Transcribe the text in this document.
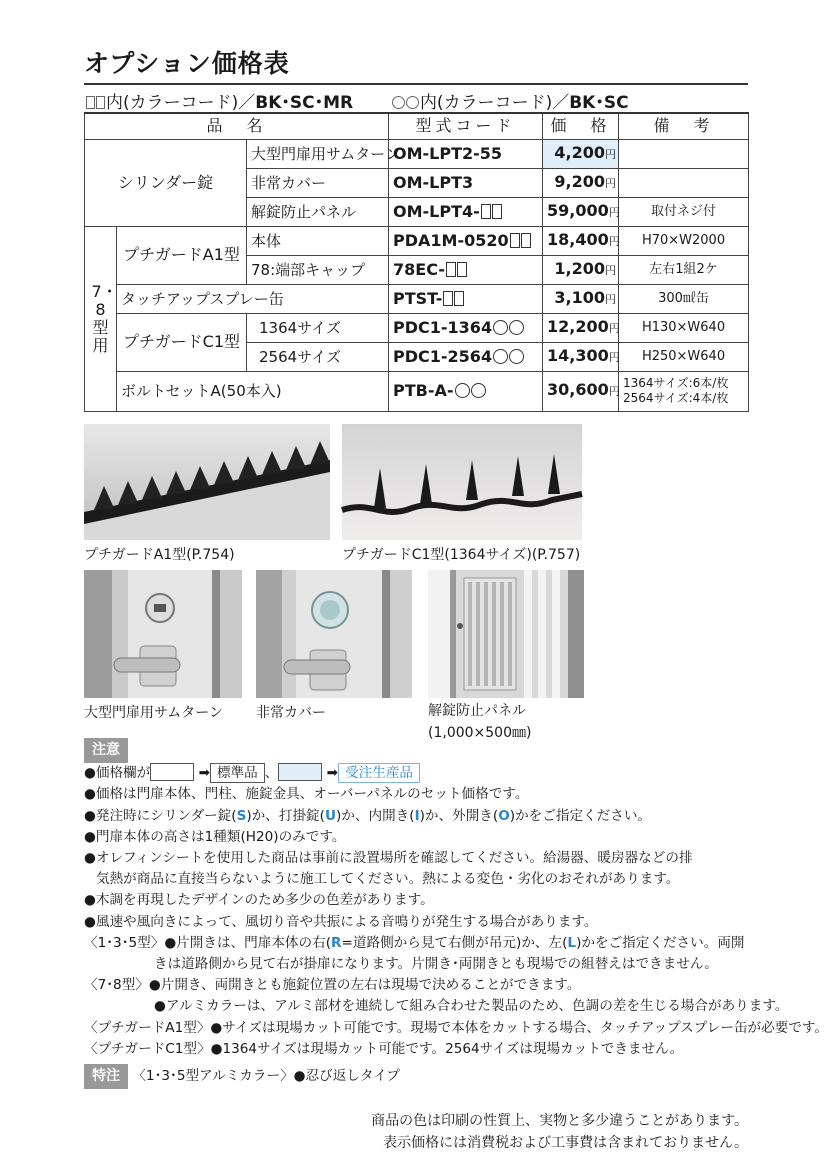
オプション価格表
内(カラーコード)／BK･SC･MR	内(カラーコード)／BK･SC
品　名			型式コード	価　格	備　考
シリンダー錠		大型門扉用サムターン	OM-LPT2-55	4,200円	
		非常カバー	OM-LPT3	9,200円	
		解錠防止パネル	OM-LPT4-	59,000円	取付ネジ付
7・8型用	プチガードA1型	本体	PDA1M-0520	18,400円	H70×W2000
		78:端部キャップ	78EC-	1,200円	左右1組2ケ
	タッチアップスプレー缶		PTST-	3,100円	300㎖缶
	プチガードC1型	1364サイズ	PDC1-1364	12,200円	H130×W640
		2564サイズ	PDC1-2564	14,300円	H250×W640
	ボルトセットA(50本入)		PTB-A-	30,600円	1364サイズ:6本/枚
2564サイズ:4本/枚
プチガードA1型(P.754)	プチガードC1型(1364サイズ)(P.757)
大型門扉用サムターン 非常カバー	解錠防止パネル
(1,000×500㎜)
注意
●価格欄が	➡ 標準品 、	➡ 受注生産品
●価格は門扉本体、門柱、施錠金具、オーバーパネルのセット価格です。
●発注時にシリンダー錠(S)か、打掛錠(U)か、内開き(I)か、外開き(O)かをご指定ください。
●門扉本体の高さは1種類(H20)のみです。
●オレフィンシートを使用した商品は事前に設置場所を確認してください。給湯器、暖房器などの排
気熱が商品に直接当らないように施工してください。熱による変色・劣化のおそれがあります。
●木調を再現したデザインのため多少の色差があります。
●風速や風向きによって、風切り音や共振による音鳴りが発生する場合があります。
〈1･3･5型〉●片開きは、門扉本体の右(R=道路側から見て右側が吊元)か、左(L)かをご指定ください。両開
きは道路側から見て右が掛扉になります。片開き･両開きとも現場での組替えはできません。
〈7･8型〉●片開き、両開きとも施錠位置の左右は現場で決めることができます。
●アルミカラーは、アルミ部材を連続して組み合わせた製品のため、色調の差を生じる場合があります。
〈プチガードA1型〉●サイズは現場カット可能です。現場で本体をカットする場合、タッチアップスプレー缶が必要です。
〈プチガードC1型〉●1364サイズは現場カット可能です。2564サイズは現場カットできません。
特注 〈1･3･5型アルミカラー〉●忍び返しタイプ
商品の色は印刷の性質上、実物と多少違うことがあります。
表示価格には消費税および工事費は含まれておりません。
